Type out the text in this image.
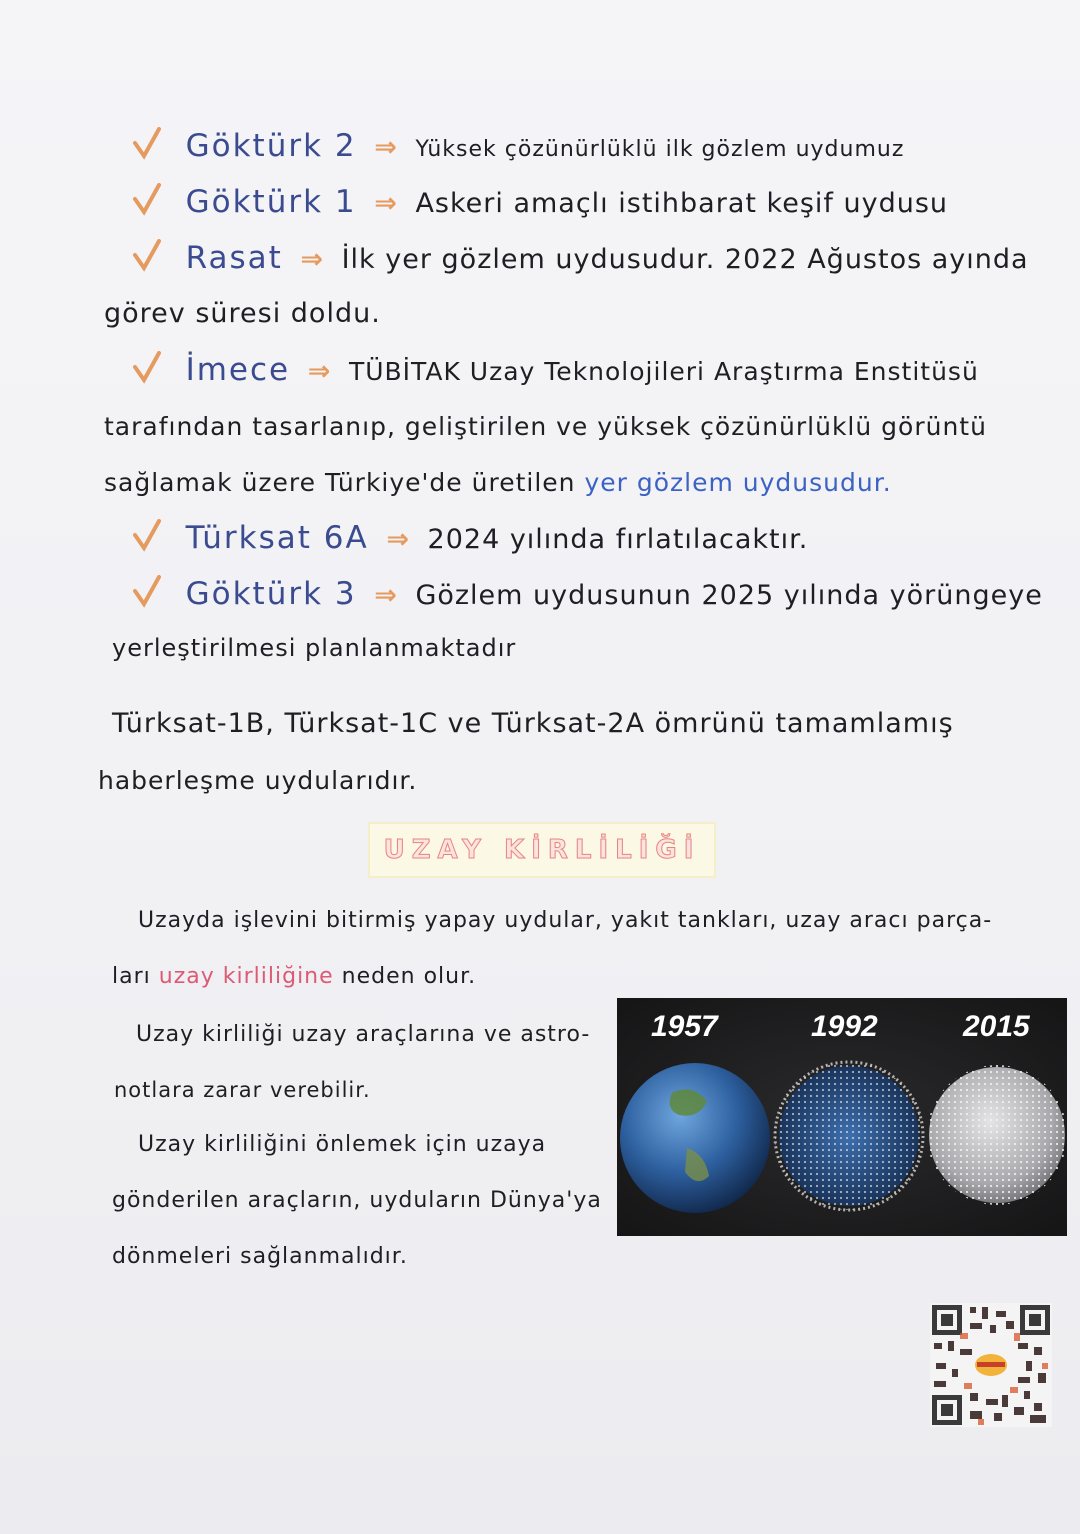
Göktürk 2 ⇒ Yüksek çözünürlüklü ilk gözlem uydumuz
Göktürk 1 ⇒ Askeri amaçlı istihbarat keşif uydusu
Rasat ⇒ İlk yer gözlem uydusudur. 2022 Ağustos ayında
görev süresi doldu.
İmece ⇒ TÜBİTAK Uzay Teknolojileri Araştırma Enstitüsü
tarafından tasarlanıp, geliştirilen ve yüksek çözünürlüklü görüntü
sağlamak üzere Türkiye'de üretilen yer gözlem uydusudur.
Türksat 6A ⇒ 2024 yılında fırlatılacaktır.
Göktürk 3 ⇒ Gözlem uydusunun 2025 yılında yörüngeye
yerleştirilmesi planlanmaktadır
Türksat-1B, Türksat-1C ve Türksat-2A ömrünü tamamlamış
haberleşme uydularıdır.
UZAY KİRLİLİĞİ
Uzayda işlevini bitirmiş yapay uydular, yakıt tankları, uzay aracı parça-
ları uzay kirliliğine neden olur.
Uzay kirliliği uzay araçlarına ve astro-
notlara zarar verebilir.
Uzay kirliliğini önlemek için uzaya
gönderilen araçların, uyduların Dünya'ya
dönmeleri sağlanmalıdır.
1957	1992	2015
